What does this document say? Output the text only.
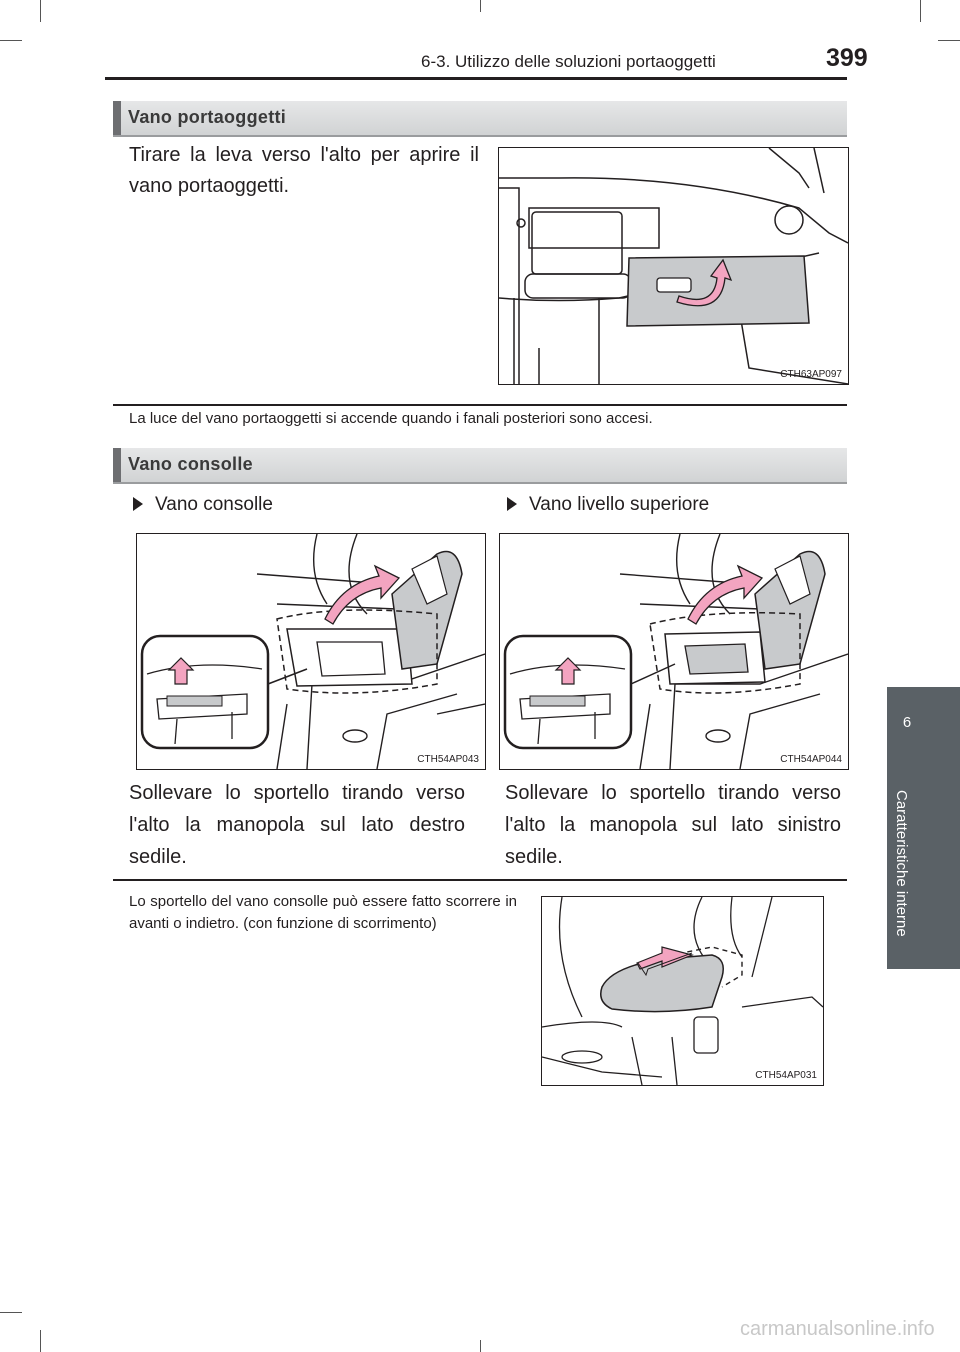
6-3. Utilizzo delle soluzioni portaoggetti	399
6
Caratteristiche interne
Vano portaoggetti
Tirare la leva verso l'alto per aprire il vano portaoggetti.
CTH63AP097
La luce del vano portaoggetti si accende quando i fanali posteriori sono accesi.
Vano consolle
Vano consolle	Vano livello superiore
CTH54AP043	CTH54AP044
Sollevare lo sportello tirando verso l'alto la manopola sul lato destro sedile.
Sollevare lo sportello tirando verso l'alto la manopola sul lato sinistro sedile.
Lo sportello del vano consolle può essere fatto scorrere in avanti o indietro. (con funzione di scorrimento)
CTH54AP031
carmanualsonline.info
